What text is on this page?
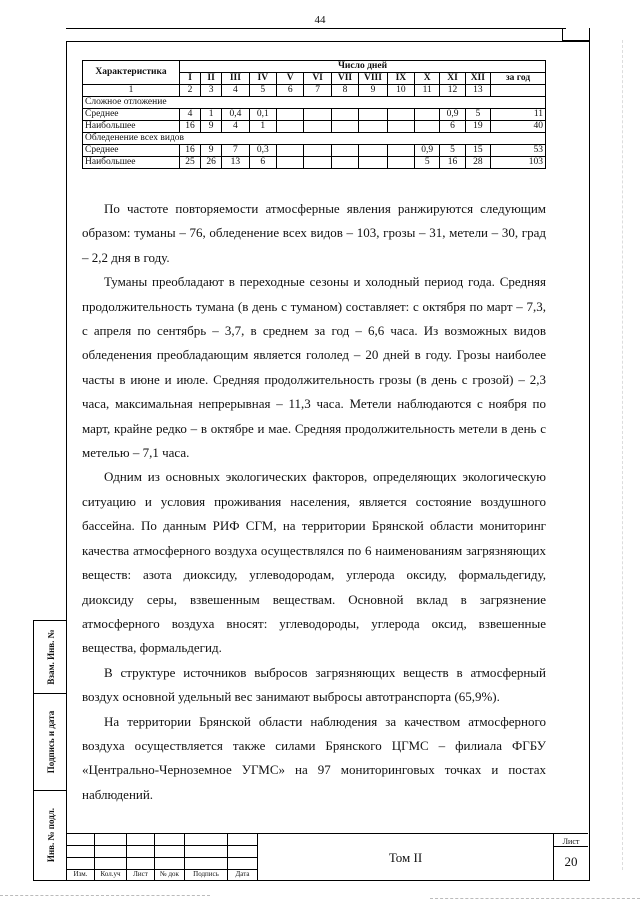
44
Взам. Инв. №
Подпись и дата
Инв. № подл.
Характеристика	Число дней												
	I	II	III	IV	V	VI	VII	VIII	IX	X	XI	XII	за год
1	2	3	4	5	6	7	8	9	10	11	12	13	
Сложное отложение													
Среднее	4	1	0,4	0,1							0,9	5	11
Наибольшее	16	9	4	1							6	19	40
Обледенение всех видов													
Среднее	16	9	7	0,3						0,9	5	15	53
Наибольшее	25	26	13	6						5	16	28	103

По частоте повторяемости атмосферные явления ранжируются следующим образом: туманы – 76, обледенение всех видов – 103, грозы – 31, метели – 30, град – 2,2 дня в году.

Туманы преобладают в переходные сезоны и холодный период года. Средняя продолжительность тумана (в день с туманом) составляет: с октября по март – 7,3, с апреля по сентябрь – 3,7, в среднем за год – 6,6 часа. Из возможных видов обледенения преобладающим является гололед – 20 дней в году. Грозы наиболее часты в июне и июле. Средняя продолжительность грозы (в день с грозой) – 2,3 часа, максимальная непрерывная – 11,3 часа. Метели наблюдаются с ноября по март, крайне редко – в октябре и мае. Средняя продолжительность метели в день с метелью – 7,1 часа.

Одним из основных экологических факторов, определяющих экологическую ситуацию и условия проживания населения, является состояние воздушного бассейна. По данным РИФ СГМ, на территории Брянской области мониторинг качества атмосферного воздуха осуществлялся по 6 наименованиям загрязняющих веществ: азота диоксиду, углеводородам, углерода оксиду, формальдегиду, диоксиду серы, взвешенным веществам. Основной вклад в загрязнение атмосферного воздуха вносят: углеводороды, углерода оксид, взвешенные вещества, формальдегид.

В структуре источников выбросов загрязняющих веществ в атмосферный воздух основной удельный вес занимают выбросы автотранспорта (65,9%).

На территории Брянской области наблюдения за качеством атмосферного воздуха осуществляется также силами Брянского ЦГМС – филиала ФГБУ «Центрально-Черноземное УГМС» на 97 мониторинговых точках и постах наблюдений.

Изм.	Кол.уч	Лист	№ док	Подпись	Дата
Том II
Лист
20
